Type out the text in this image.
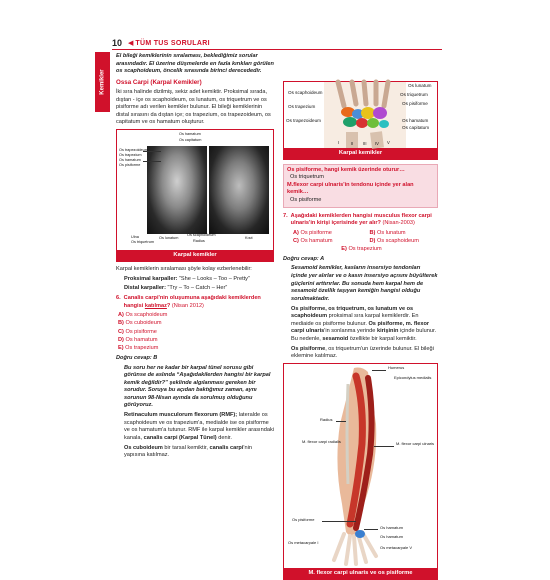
10 ◀ TÜM TUS SORULARI
Kemikler

El bileği kemiklerinin sıralaması, beklediğimiz sorular arasındadır. El üzerine düşmelerde en fazla kırıkları görülen os scaphoideum, öncelik sırasında birinci derecededir.

Ossa Carpi (Karpal Kemikler)

İki sıra halinde dizilmiş, sekiz adet kemiktir. Proksimal sırada, dıştan - içe os scaphoideum, os lunatum, os triquetrum ve os pisiforme adı verilen kemikler bulunur. El bileği kemiklerinin distal sırasını da dıştan içe; os trapezium, os trapezoideum, os capitatum ve os hamatum oluşturur.

Os hamatum
Os capitatum
Os trapezoideum
Os trapezium
Os hamatum
Os pisiforme
Ulna
Os triquetrum
Os lunatum
Os scaphoideum
Radius
Kısıt
Karpal kemikler

Karpal kemiklerin sıralaması şöyle kolay ezberlenebilir:

Proksimal karpaller: “She – Looks – Too – Pretty”

Distal karpaller: “Try – To – Catch – Her”

6. Canalis carpi'nin oluşumuna aşağıdaki kemiklerden hangisi katılmaz? (Nisan 2012)
A) Os scaphoideum
B) Os cuboideum
C) Os pisiforme
D) Os hamatum
E) Os trapezium
Doğru cevap: B

Bu soru her ne kadar bir karpal tünel sorusu gibi görünse de aslında “Aşağıdakilerden hangisi bir karpal kemik değildir?” şeklinde algılanması gereken bir sorudur. Soruya bu açıdan baktığımız zaman, aynı sorunun 98-Nisan ayında da sorulmuş olduğunu görüyoruz.

Retinaculum musculorum flexorum (RMF); lateralde os scaphoideum ve os trapezium'a, medialde ise os pisiforme ve os hamatum'a tutunur. RMF ile karpal kemikler arasındaki kanala, canalis carpi (Karpal Tünel) denir.

Os cuboideum bir tarsal kemiktir, canalis carpi'nin yapısına katılmaz.

Os scaphoideum
Os trapezium
Os trapezoideum
Os lunatum
Os triquetrum
Os pisiforme
Os hamatum
Os capitatum
I	II III IV V
Karpal kemikler
Os pisiforme, hangi kemik üzerinde oturur…
Os triquetrum
M.flexor carpi ulnaris'in tendonu içinde yer alan kemik…
Os pisiforme
7. Aşağıdaki kemiklerden hangisi musculus flexor carpi ulnaris'in kirişi içerisinde yer alır? (Nisan-2003)
A) Os pisiforme	B) Os lunatum
C) Os hamatum	D) Os scaphoideum
E) Os trapezium
Doğru cevap: A

Sesamoid kemikler, kasların insersiyo tendonları içinde yer alırlar ve o kasın insersiyo açısını büyülterek güçlerini arttırırlar. Bu sonuda hem karpal hem de sesamoid özellik taşıyan kemiğin hangisi olduğu sorulmaktadır.

Os pisiforme, os triquetrum, os lunatum ve os scaphoideum proksimal sıra karpal kemiklerdir. En mediaide os pisiforme bulunur. Os pisiforme, m. flexor carpi ulnaris'in sonlanma yerinde kirişinin içinde bulunur. Bu nedenle, sesamoid özellikte bir karpal kemiktir.

Os pisiforme, os triquetrum'un üzerinde bulunur. El bileği eklemine katılmaz.

Humerus
Epicondylus medialis
Radius
M. flexor carpi radialis	M. flexor carpi ulnaris
Os pisiforme
Os hamatum
Os hamatum
Os metacarpale I
Os metacarpale V
M. flexor carpi ulnaris ve os pisiforme
